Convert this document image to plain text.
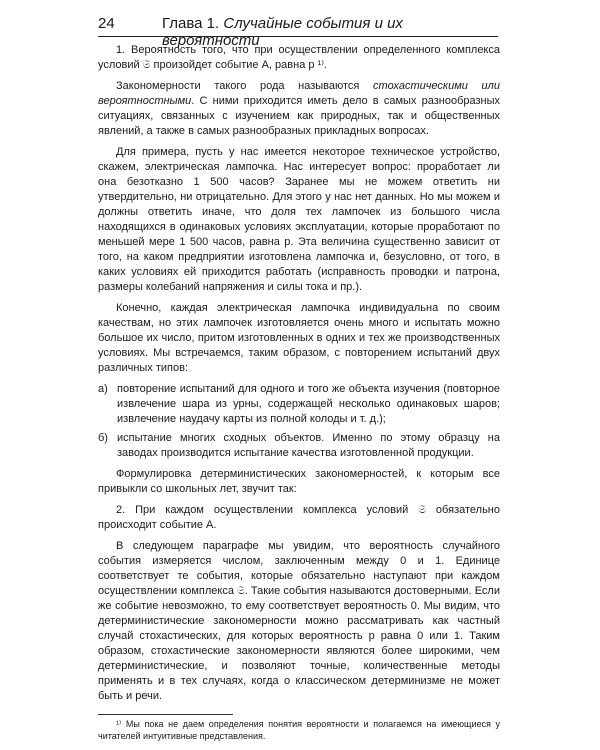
24	Глава 1. Случайные события и их вероятности

1. Вероятность того, что при осуществлении определенного комплекса условий 𝔖 произойдет событие A, равна p ¹⁾.

Закономерности такого рода называются стохастическими или вероятностными. С ними приходится иметь дело в самых разнообразных ситуациях, связанных с изучением как природных, так и общественных явлений, а также в самых разнообразных прикладных вопросах.

Для примера, пусть у нас имеется некоторое техническое устройство, скажем, электрическая лампочка. Нас интересует вопрос: проработает ли она безотказно 1 500 часов? Заранее мы не можем ответить ни утвердительно, ни отрицательно. Для этого у нас нет данных. Но мы можем и должны ответить иначе, что доля тех лампочек из большого числа находящихся в одинаковых условиях эксплуатации, которые проработают по меньшей мере 1 500 часов, равна p. Эта величина существенно зависит от того, на каком предприятии изготовлена лампочка и, безусловно, от того, в каких условиях ей приходится работать (исправность проводки и патрона, размеры колебаний напряжения и силы тока и пр.).

Конечно, каждая электрическая лампочка индивидуальна по своим качествам, но этих лампочек изготовляется очень много и испытать можно большое их число, притом изготовленных в одних и тех же производственных условиях. Мы встречаемся, таким образом, с повторением испытаний двух различных типов:

а) повторение испытаний для одного и того же объекта изучения (повторное извлечение шара из урны, содержащей несколько одинаковых шаров; извлечение наудачу карты из полной колоды и т. д.);
б) испытание многих сходных объектов. Именно по этому образцу на заводах производится испытание качества изготовленной продукции.

Формулировка детерминистических закономерностей, к которым все привыкли со школьных лет, звучит так:

2. При каждом осуществлении комплекса условий 𝔖 обязательно происходит событие A.

В следующем параграфе мы увидим, что вероятность случайного события измеряется числом, заключенным между 0 и 1. Единице соответствует те события, которые обязательно наступают при каждом осуществлении комплекса 𝔖. Такие события называются достоверными. Если же событие невозможно, то ему соответствует вероятность 0. Мы видим, что детерминистические закономерности можно рассматривать как частный случай стохастических, для которых вероятность p равна 0 или 1. Таким образом, стохастические закономерности являются более широкими, чем детерминистические, и позволяют точные, количественные методы применять и в тех случаях, когда о классическом детерминизме не может быть и речи.

¹⁾ Мы пока не даем определения понятия вероятности и полагаемся на имеющиеся у читателей интуитивные представления.
